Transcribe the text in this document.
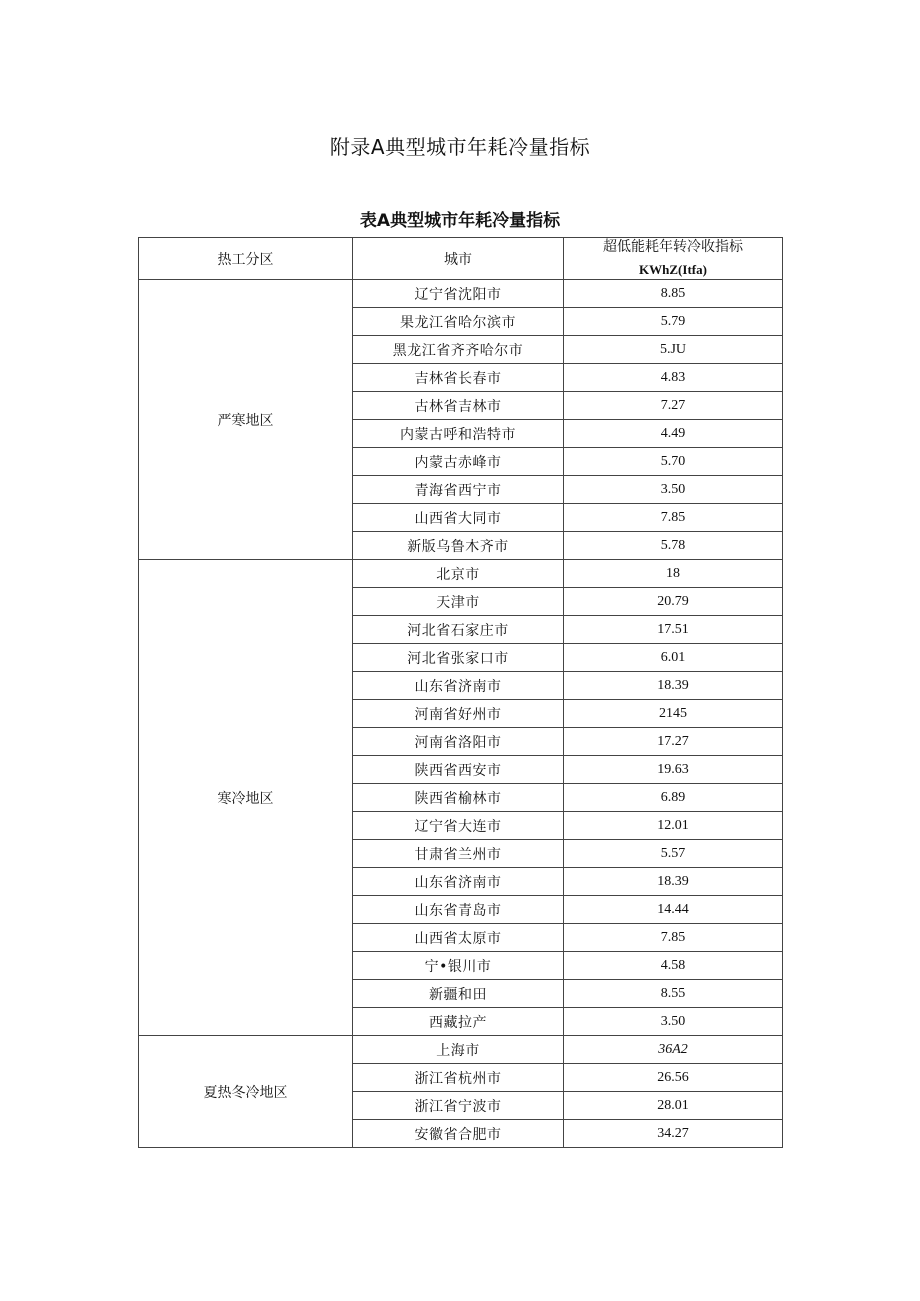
附录A典型城市年耗冷量指标
表A典型城市年耗冷量指标
热工分区	城市	超低能耗年转冷收指标
KWhZ(Itfa)

严寒地区	辽宁省沈阳市	8.85
	果龙江省哈尔滨市	5.79
	黑龙江省齐齐哈尔市	5.JU
	吉林省长春市	4.83
	古林省吉林市	7.27
	内蒙古呼和浩特市	4.49
	内蒙古赤峰市	5.70
	青海省西宁市	3.50
	山西省大同市	7.85
	新版乌鲁木齐市	5.78
寒冷地区	北京市	18
	天津市	20.79
	河北省石家庄市	17.51
	河北省张家口市	6.01
	山东省济南市	18.39
	河南省好州市	2145
	河南省洛阳市	17.27
	陕西省西安市	19.63
	陕西省榆林市	6.89
	辽宁省大连市	12.01
	甘肃省兰州市	5.57
	山东省济南市	18.39
	山东省青岛市	14.44
	山西省太原市	7.85
	宁•银川市	4.58
	新疆和田	8.55
	西藏拉产	3.50
夏热冬冷地区	上海市	36A2
	浙江省杭州市	26.56
	浙江省宁波市	28.01
	安徽省合肥市	34.27
